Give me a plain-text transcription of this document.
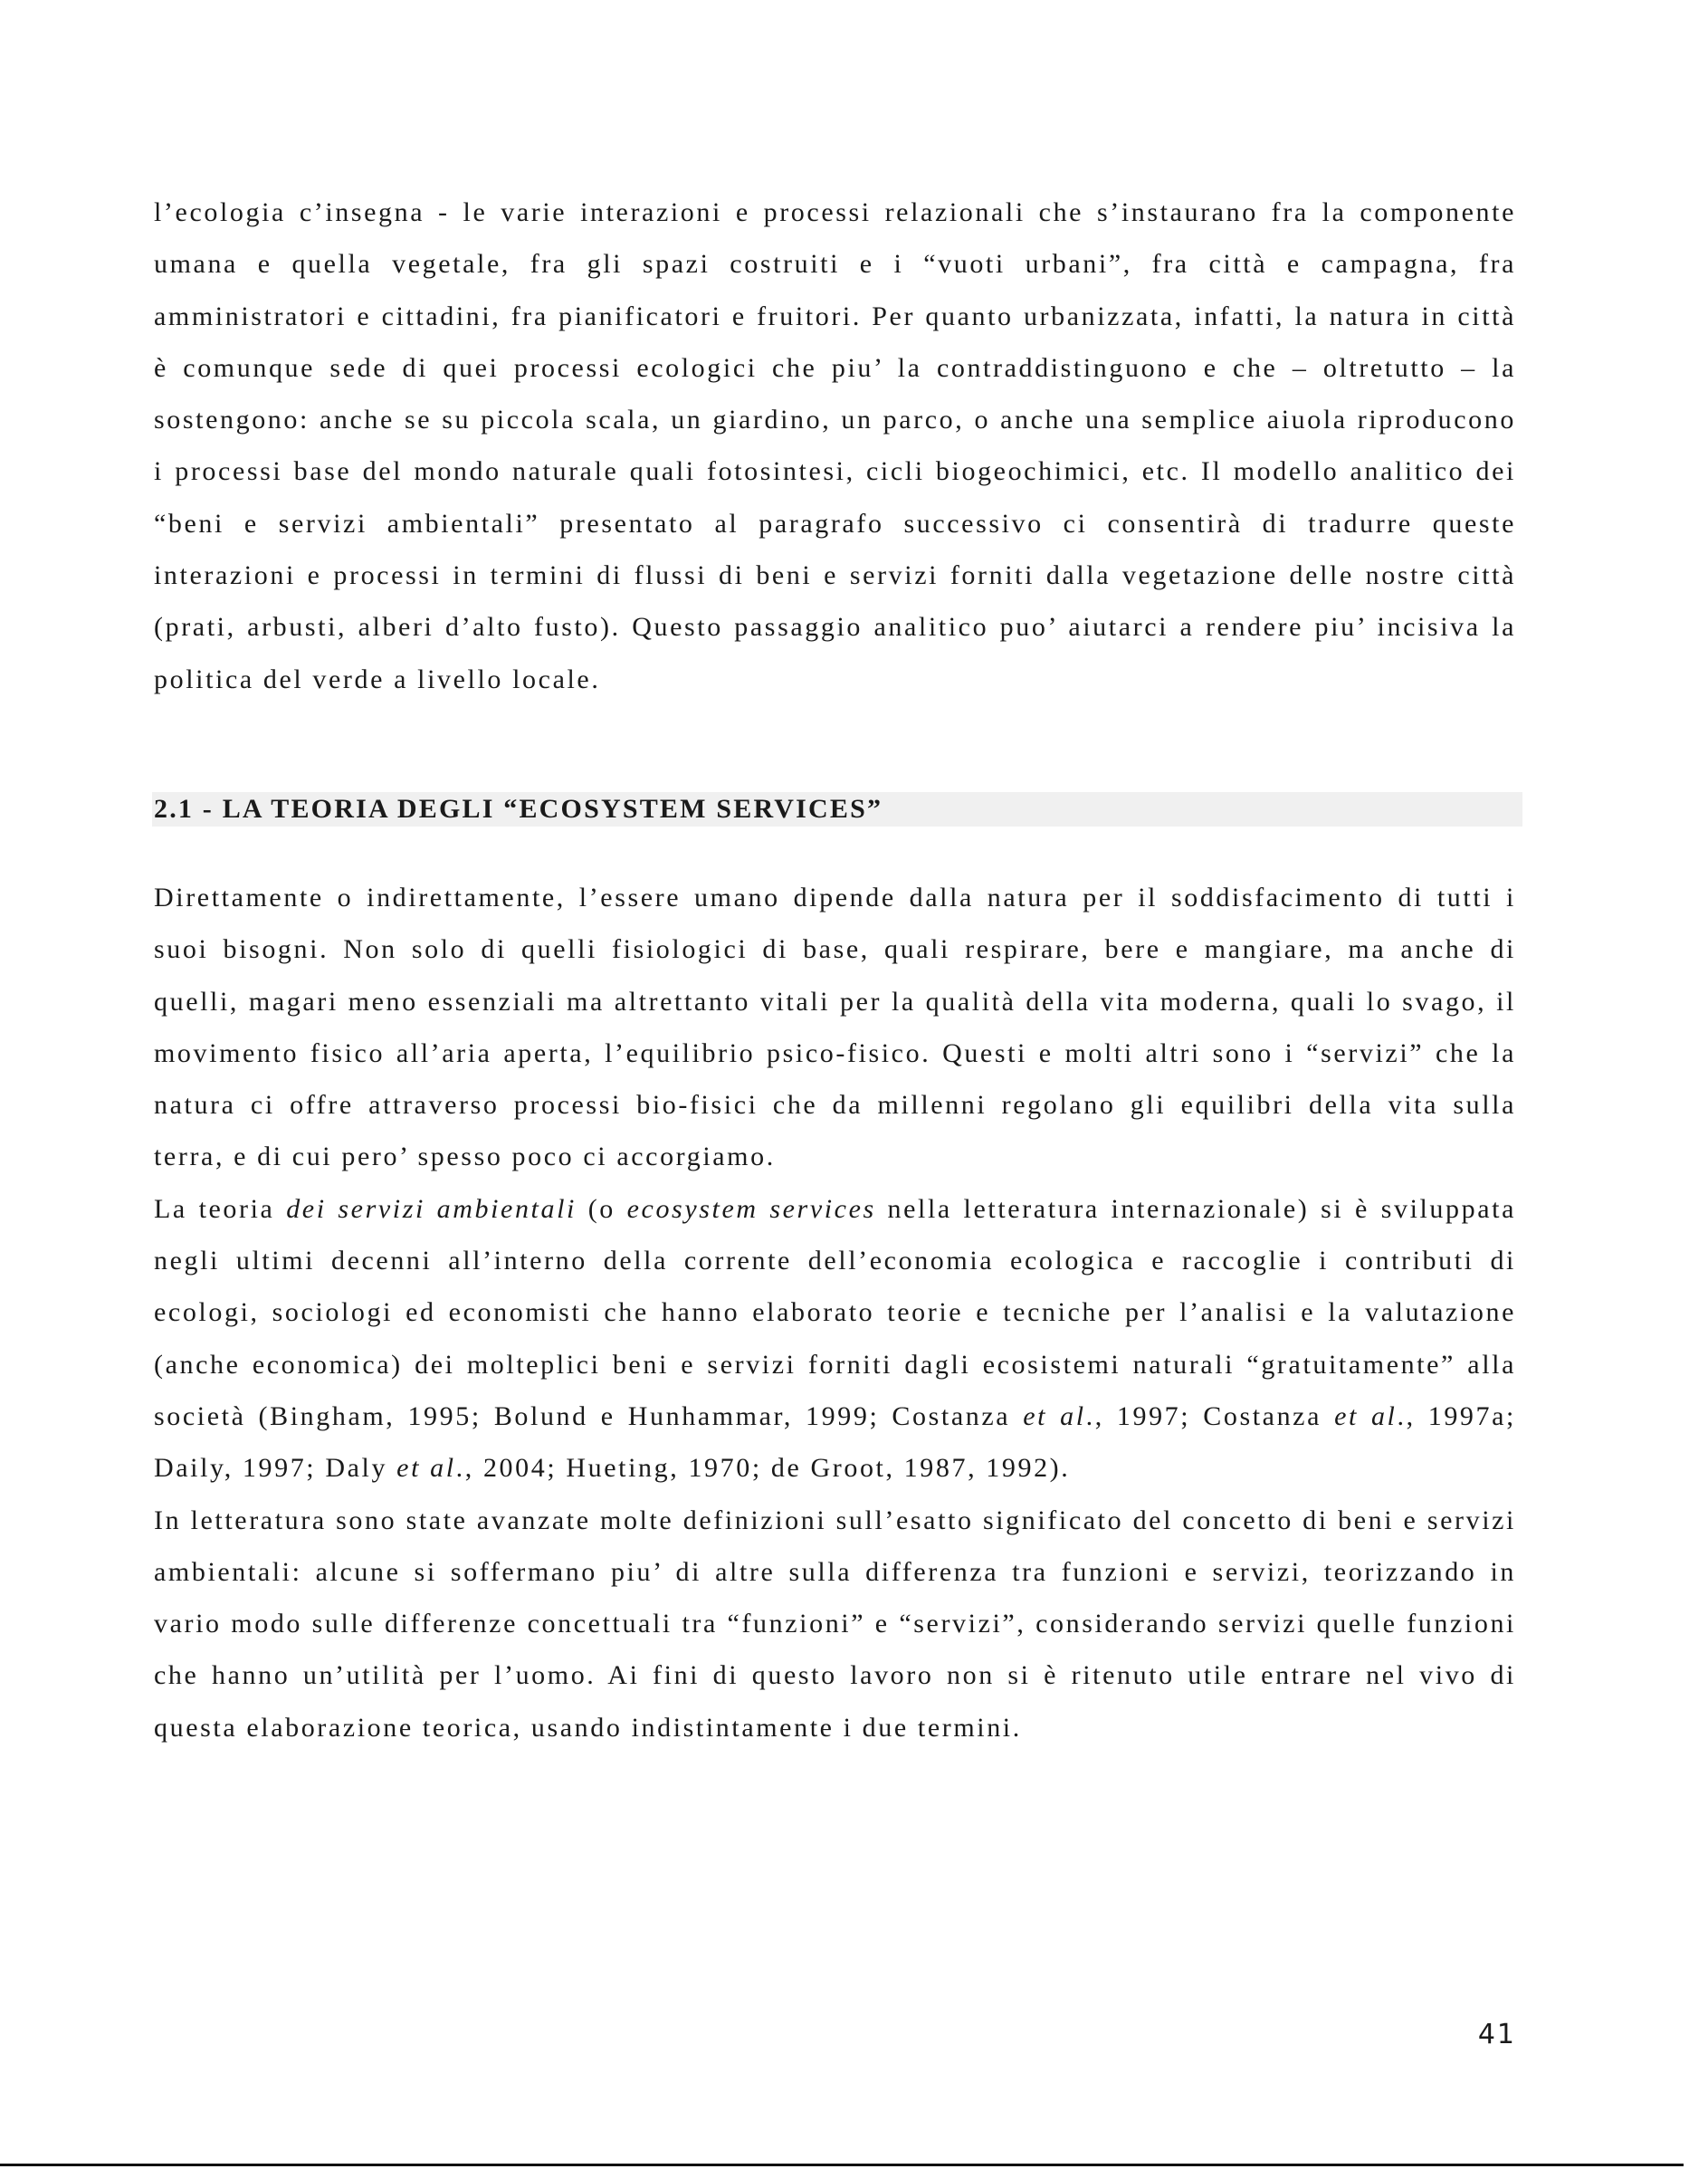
l’ecologia c’insegna - le varie interazioni e processi relazionali che s’instaurano fra la componente umana e quella vegetale, fra gli spazi costruiti e i “vuoti urbani”, fra città e campagna, fra amministratori e cittadini, fra pianificatori e fruitori. Per quanto urbanizzata, infatti, la natura in città è comunque sede di quei processi ecologici che piu’ la contraddistinguono e che – oltretutto – la sostengono: anche se su piccola scala, un giardino, un parco, o anche una semplice aiuola riproducono i processi base del mondo naturale quali fotosintesi, cicli biogeochimici, etc. Il modello analitico dei “beni e servizi ambientali” presentato al paragrafo successivo ci consentirà di tradurre queste interazioni e processi in termini di flussi di beni e servizi forniti dalla vegetazione delle nostre città (prati, arbusti, alberi d’alto fusto). Questo passaggio analitico puo’ aiutarci a rendere piu’ incisiva la politica del verde a livello locale.

2.1 - LA TEORIA DEGLI “ECOSYSTEM SERVICES”

Direttamente o indirettamente, l’essere umano dipende dalla natura per il soddisfacimento di tutti i suoi bisogni. Non solo di quelli fisiologici di base, quali respirare, bere e mangiare, ma anche di quelli, magari meno essenziali ma altrettanto vitali per la qualità della vita moderna, quali lo svago, il movimento fisico all’aria aperta, l’equilibrio psico-fisico. Questi e molti altri sono i “servizi” che la natura ci offre attraverso processi bio-fisici che da millenni regolano gli equilibri della vita sulla terra, e di cui pero’ spesso poco ci accorgiamo.

La teoria dei servizi ambientali (o ecosystem services nella letteratura internazionale) si è sviluppata negli ultimi decenni all’interno della corrente dell’economia ecologica e raccoglie i contributi di ecologi, sociologi ed economisti che hanno elaborato teorie e tecniche per l’analisi e la valutazione (anche economica) dei molteplici beni e servizi forniti dagli ecosistemi naturali “gratuitamente” alla società (Bingham, 1995; Bolund e Hunhammar, 1999; Costanza et al., 1997; Costanza et al., 1997a; Daily, 1997; Daly et al., 2004; Hueting, 1970; de Groot, 1987, 1992).

In letteratura sono state avanzate molte definizioni sull’esatto significato del concetto di beni e servizi ambientali: alcune si soffermano piu’ di altre sulla differenza tra funzioni e servizi, teorizzando in vario modo sulle differenze concettuali tra “funzioni” e “servizi”, considerando servizi quelle funzioni che hanno un’utilità per l’uomo. Ai fini di questo lavoro non si è ritenuto utile entrare nel vivo di questa elaborazione teorica, usando indistintamente i due termini.

41
